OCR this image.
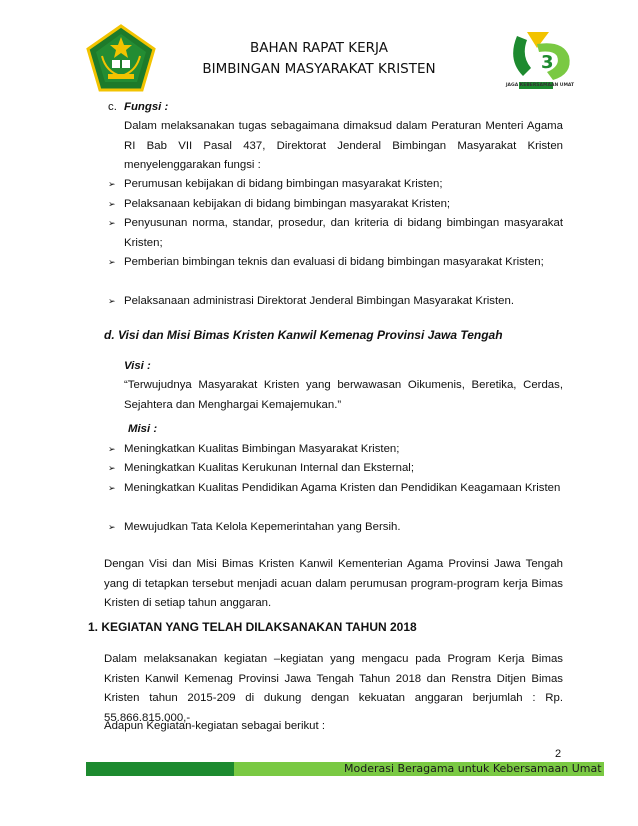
BAHAN RAPAT KERJA
BIMBINGAN MASYARAKAT KRISTEN	3
JAGA KEBERSAMAAN UMAT
c. Fungsi :
Dalam melaksanakan tugas sebagaimana dimaksud dalam Peraturan Menteri Agama RI Bab VII Pasal 437, Direktorat Jenderal Bimbingan Masyarakat Kristen menyelenggarakan fungsi :
➢ Perumusan kebijakan di bidang bimbingan masyarakat Kristen;
➢ Pelaksanaan kebijakan di bidang bimbingan masyarakat Kristen;
➢ Penyusunan norma, standar, prosedur, dan kriteria di bidang bimbingan masyarakat Kristen;
➢ Pemberian bimbingan teknis dan evaluasi di bidang bimbingan masyarakat Kristen;
➢ Pelaksanaan administrasi Direktorat Jenderal Bimbingan Masyarakat Kristen.
d. Visi dan Misi Bimas Kristen Kanwil Kemenag Provinsi Jawa Tengah
Visi :
“Terwujudnya Masyarakat Kristen yang berwawasan Oikumenis, Beretika, Cerdas, Sejahtera dan Menghargai Kemajemukan.”
Misi :
➢ Meningkatkan Kualitas Bimbingan Masyarakat Kristen;
➢ Meningkatkan Kualitas Kerukunan Internal dan Eksternal;
➢ Meningkatkan Kualitas Pendidikan Agama Kristen dan Pendidikan Keagamaan Kristen
➢ Mewujudkan Tata Kelola Kepemerintahan yang Bersih.
Dengan Visi dan Misi Bimas Kristen Kanwil Kementerian Agama Provinsi Jawa Tengah yang di tetapkan tersebut menjadi acuan dalam perumusan program-program kerja Bimas Kristen di setiap tahun anggaran.
1. KEGIATAN YANG TELAH DILAKSANAKAN TAHUN 2018
Dalam melaksanakan kegiatan –kegiatan yang mengacu pada Program Kerja Bimas Kristen Kanwil Kemenag Provinsi Jawa Tengah Tahun 2018 dan Renstra Ditjen Bimas Kristen tahun 2015-209 di dukung dengan kekuatan anggaran berjumlah : Rp. 55.866.815.000,-
Adapun Kegiatan-kegiatan sebagai berikut :
2
Moderasi Beragama untuk Kebersamaan Umat
